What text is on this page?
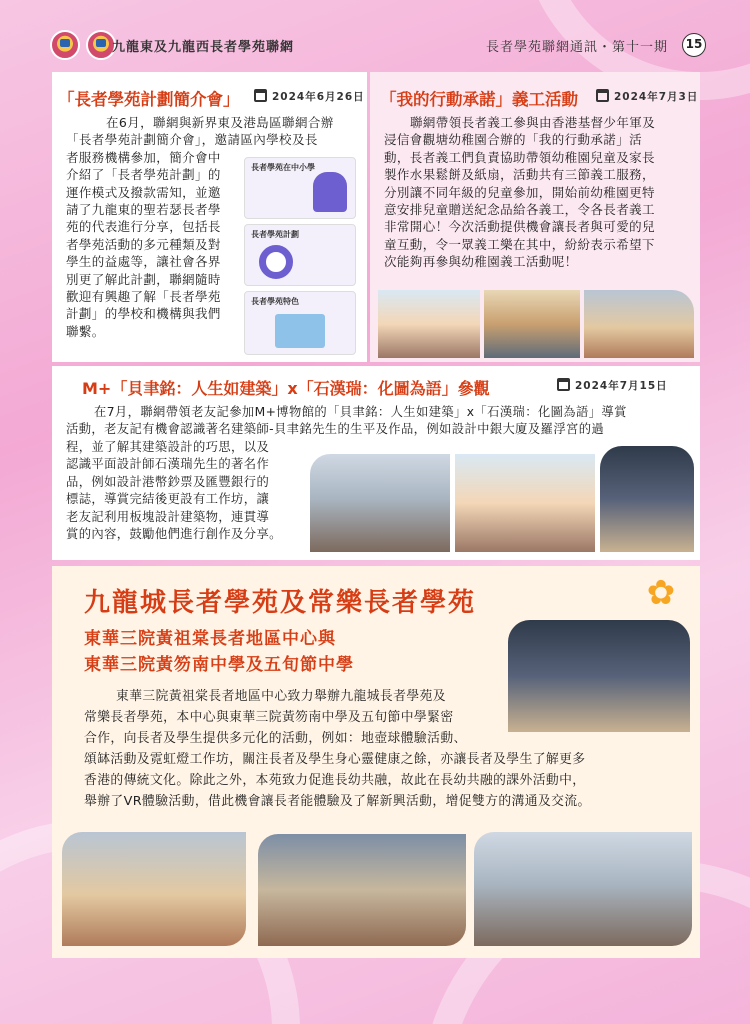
九龍東及九龍西長者學苑聯網	長者學苑聯網通訊・第十一期	15
「長者學苑計劃簡介會」	2024年6月26日
在6月，聯網與新界東及港島區聯網合辦
「長者學苑計劃簡介會」，邀請區內學校及長
者服務機構參加，簡介會中
介紹了「長者學苑計劃」的
運作模式及撥款需知，並邀
請了九龍東的聖若瑟長者學
苑的代表進行分享，包括長
者學苑活動的多元種類及對
學生的益處等，讓社會各界
別更了解此計劃，聯網隨時
歡迎有興趣了解「長者學苑
計劃」的學校和機構與我們
聯繫。
長者學苑在中小學
長者學苑計劃
長者學苑特色
「我的行動承諾」義工活動	2024年7月3日
聯網帶領長者義工參與由香港基督少年軍及
浸信會觀塘幼稚園合辦的「我的行動承諾」活
動，長者義工們負責協助帶領幼稚園兒童及家長
製作水果鬆餅及紙扇，活動共有三節義工服務，
分別讓不同年級的兒童參加，開始前幼稚園更特
意安排兒童贈送紀念品給各義工，令各長者義工
非常開心！今次活動提供機會讓長者與可愛的兒
童互動，令一眾義工樂在其中，紛紛表示希望下
次能夠再參與幼稚園義工活動呢！
M+「貝聿銘：人生如建築」x「石漢瑞：化圖為語」參觀	2024年7月15日
在7月，聯網帶領老友記參加M+博物館的「貝聿銘：人生如建築」x「石漢瑞：化圖為語」導賞
活動，老友記有機會認識著名建築師-貝聿銘先生的生平及作品，例如設計中銀大廈及羅浮宮的過
程，並了解其建築設計的巧思，以及
認識平面設計師石漢瑞先生的著名作
品，例如設計港幣鈔票及匯豐銀行的
標誌，導賞完結後更設有工作坊，讓
老友記利用板塊設計建築物，連貫導
賞的內容，鼓勵他們進行創作及分享。
九龍城長者學苑及常樂長者學苑	✿
東華三院黃祖棠長者地區中心與
東華三院黃笏南中學及五旬節中學
東華三院黃祖棠長者地區中心致力舉辦九龍城長者學苑及
常樂長者學苑，本中心與東華三院黃笏南中學及五旬節中學緊密
合作，向長者及學生提供多元化的活動，例如：地壺球體驗活動、
頌缽活動及霓虹燈工作坊，關注長者及學生身心靈健康之餘，亦讓長者及學生了解更多
香港的傳統文化。除此之外，本苑致力促進長幼共融，故此在長幼共融的課外活動中，
舉辦了VR體驗活動，借此機會讓長者能體驗及了解新興活動，增促雙方的溝通及交流。
